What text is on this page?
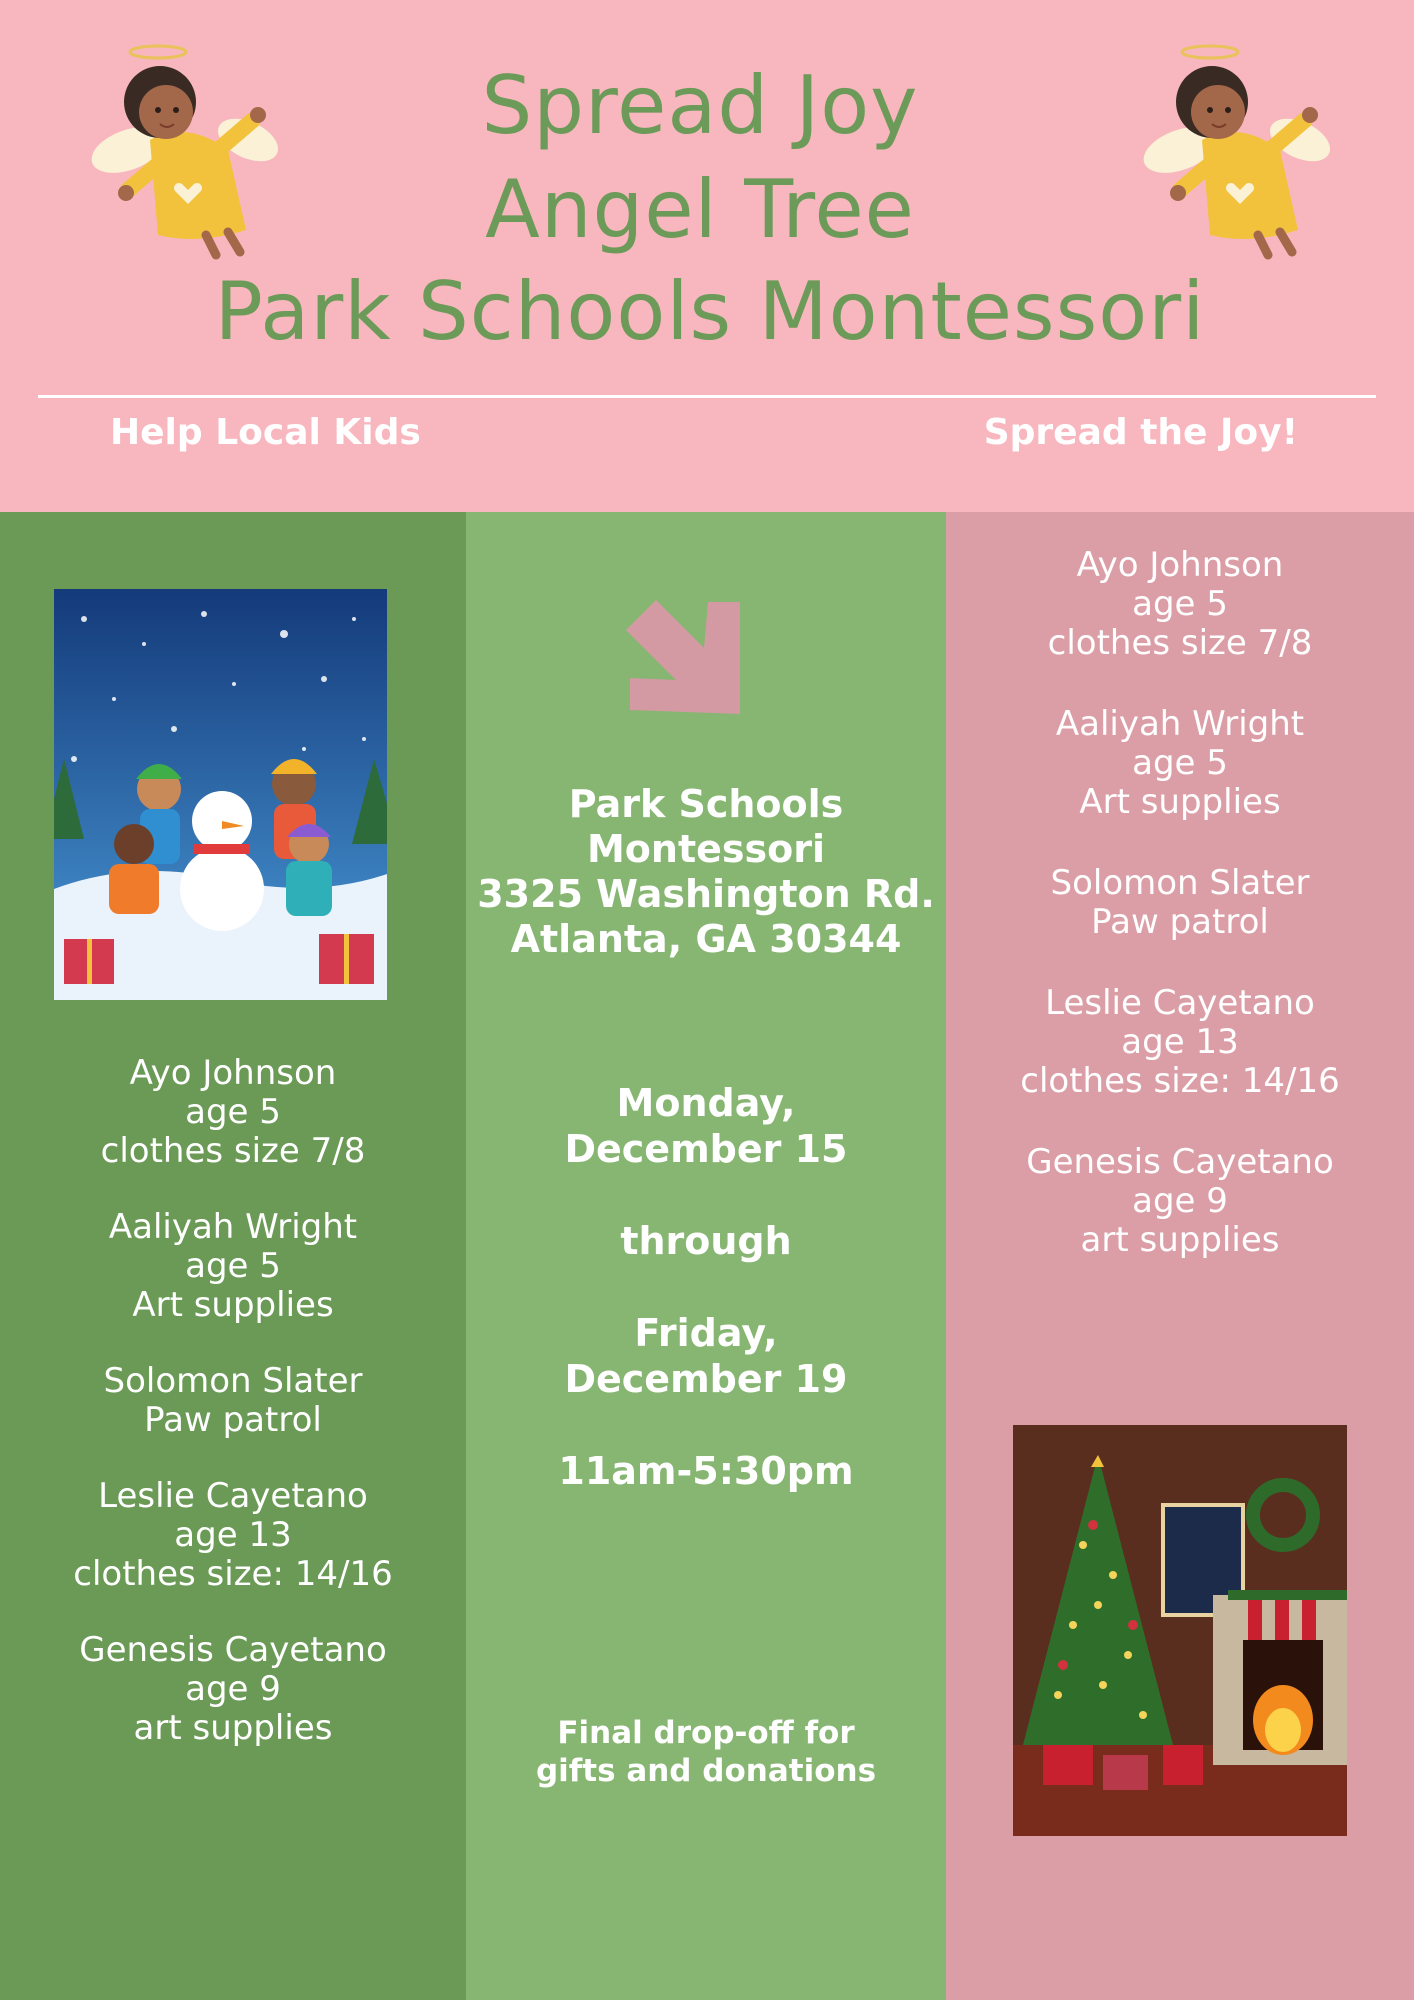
Spread Joy
Angel Tree
Park Schools Montessori
Help Local Kids	Spread the Joy!
Ayo Johnson
age 5
clothes size 7/8
Aaliyah Wright
age 5
Art supplies
Solomon Slater
Paw patrol
Leslie Cayetano
age 13
clothes size: 14/16
Genesis Cayetano
age 9
art supplies
Park Schools
Montessori
3325 Washington Rd.
Atlanta, GA 30344
Monday,
December 15
through
Friday,
December 19
11am-5:30pm
Final drop-off for
gifts and donations
Ayo Johnson
age 5
clothes size 7/8
Aaliyah Wright
age 5
Art supplies
Solomon Slater
Paw patrol
Leslie Cayetano
age 13
clothes size: 14/16
Genesis Cayetano
age 9
art supplies
